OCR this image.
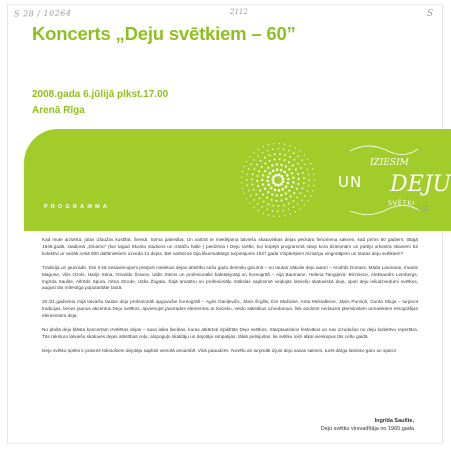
S 28 / 10264	2112	S
Koncerts „Deju svētkiem – 60”
2008.gada 6.jūlijā plkst.17.00
Arenā Rīga
PROGRAMMA
IZIESIM
UN DEJU
SVĒTKI
1/2

Kad mute aizsērta, jūtas izlaužas kustībā. Šeesā. Sirma patiesiba. Un varbūt te meklējama latviešu skatuviskas dejas pēckara fenomena saknes, kad pirms 60 gadiem, tātajā 1948.gadā, stadionā „Dinamo” (kur tagad Skonto stadions un izstāžu halle ) piedzīma I Deju svētki, kur kopējā programmā starp kora dziesmām un pūtēju orkestra skaniem 52 kolektīvi ar vairāk nekā 900 dalībniekiem uzveda 12 dejas. Bet varbūt tie bija likumsakārgs turpinājums 1937.gada Vispārējiem Aizsargu vingrotājiem un tautas deju svētkiem?

Tradicija un jaunrade. Divi it kā nesavienojami pretpoli noteikusi dejas attistību sešu gadu desmitu garumā – no tautas nākulie deju autori – Anolīds Donass, Māda Laumane, Imants Magone, Viiis Ozols, Harijs Sūna, Osvalds Šrauss, Uldis Steins un profesionālie baletdejotāji un horeogrāfi – Aija Baumane, Helena Tangijeva- Birzniece, Aleksandrs Lembergs, Ingrīda Saulite, Alfrēds Spura, Irēna Strode, Uldis Žagata. Šajā amatēru un profesionāļu mākslas saplūsmē veidojās latviešu skatuviskā deja, spoti deju ieliudzvedumi svētkos, augusi tās mīlestīga popularitāte tautā.

20./21.gadsimtu mijā latviešu tautas deju profesionāli apguvušie horeogrāfi – Agris Daniļevičs, Jānis Ērgllis, Ilze Mažaine, Anta Melnalksne, Jānis Purviņš, Gunta Skuja – turpinot tradicijas, lienes jaunus akcentus Deju svētkos, apvienojot jaunrades elementus ar teicisku, veido sātistikus uzvedumus, liek aizdomt nedauzet plemiinstem armaiskiem etnogrāfijas elementiem deja.

No plašā deju klāsta koncertam izvēlētas dejas – sava laika liecibas, kuras atkārtoti izpildītās Deju svētkos, Starptautiskos festivālos un nav izzudušas no deju kolektīvu repertāra. Tās raksturo latviešu skatuves dejas attistības ceļu, atspoguļo skatitāju un dejotāju simpatijas, tālab pelnijušas, lai svētku reizi atkal vienkopus tās celtu gaidā.

Deju svētku spēks ir prasmē tūkstošiem dejotāju saplūst vienotā ansamblī. Visā paaudzēs. Novēlu ari turpmāk izjust deju savas saknes, turēt dārgu latvisko garu un sparu!

Ingrīda Saulīte,
Deju svētku virsvadītāja no 1965.gada
